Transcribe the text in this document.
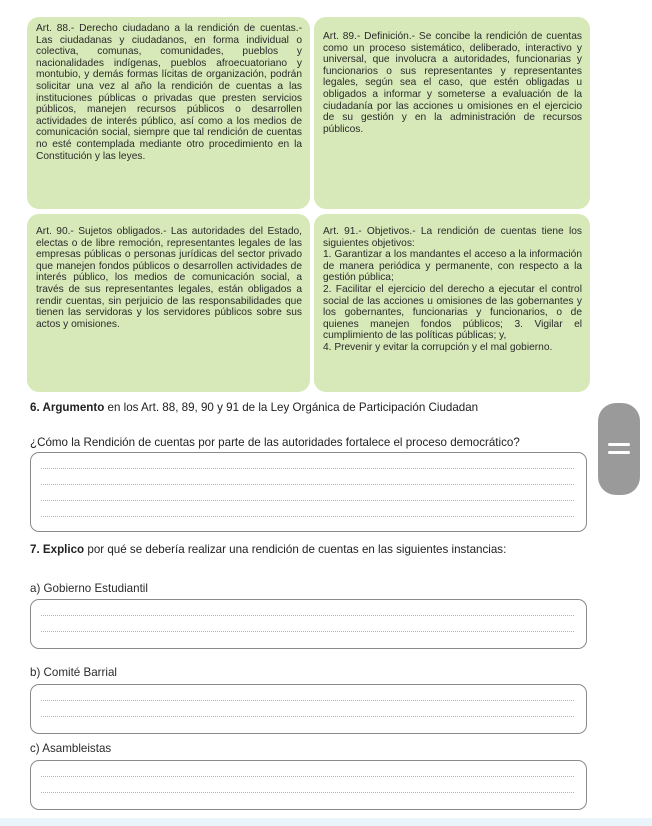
Art. 88.- Derecho ciudadano a la rendición de cuentas.- Las ciudadanas y ciudadanos, en forma individual o colectiva, comunas, comunidades, pueblos y nacionalidades indígenas, pueblos afroecuatoriano y montubio, y demás formas lícitas de organización, podrán solicitar una vez al año la rendición de cuentas a las instituciones públicas o privadas que presten servicios públicos, manejen recursos públicos o desarrollen actividades de interés público, así como a los medios de comunicación social, siempre que tal rendición de cuentas no esté contemplada mediante otro procedimiento en la Constitución y las leyes.
Art. 89.- Definición.- Se concibe la rendición de cuentas como un proceso sistemático, deliberado, interactivo y universal, que involucra a autoridades, funcionarias y funcionarios o sus representantes y representantes legales, según sea el caso, que estén obligadas u obligados a informar y someterse a evaluación de la ciudadanía por las acciones u omisiones en el ejercicio de su gestión y en la administración de recursos públicos.
Art. 90.- Sujetos obligados.- Las autoridades del Estado, electas o de libre remoción, representantes legales de las empresas públicas o personas jurídicas del sector privado que manejen fondos públicos o desarrollen actividades de interés público, los medios de comunicación social, a través de sus representantes legales, están obligados a rendir cuentas, sin perjuicio de las responsabilidades que tienen las servidoras y los servidores públicos sobre sus actos y omisiones.
Art. 91.- Objetivos.- La rendición de cuentas tiene los siguientes objetivos:
1. Garantizar a los mandantes el acceso a la información de manera periódica y permanente, con respecto a la gestión pública;
2. Facilitar el ejercicio del derecho a ejecutar el control social de las acciones u omisiones de las gobernantes y los gobernantes, funcionarias y funcionarios, o de quienes manejen fondos públicos; 3. Vigilar el cumplimiento de las políticas públicas; y,
4. Prevenir y evitar la corrupción y el mal gobierno.
6. Argumento en los Art. 88, 89, 90 y 91 de la Ley Orgánica de Participación Ciudadan
¿Cómo la Rendición de cuentas por parte de las autoridades fortalece el proceso democrático?
7. Explico por qué se debería realizar una rendición de cuentas en las siguientes instancias:
a) Gobierno Estudiantil
b) Comité Barrial
c) Asambleistas
